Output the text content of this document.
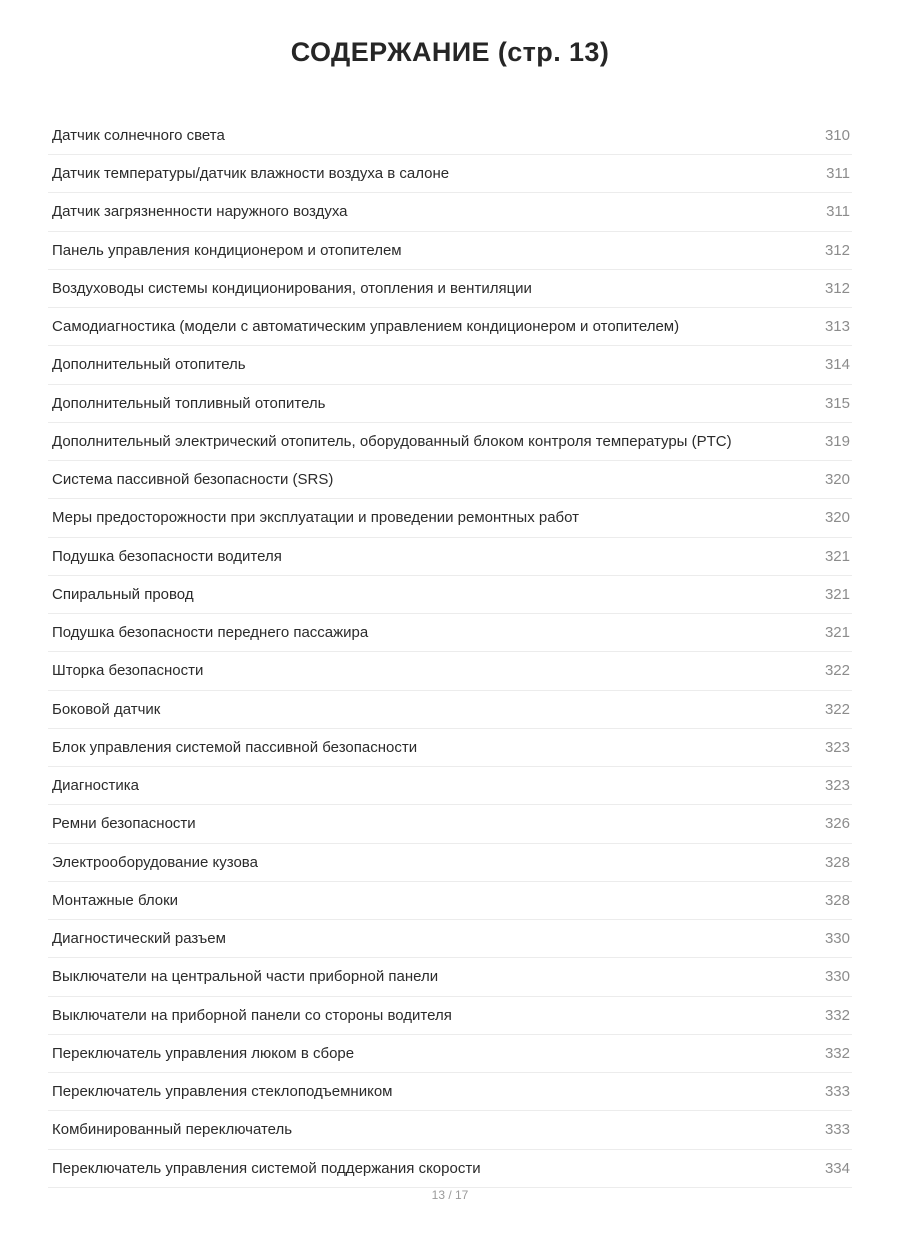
СОДЕРЖАНИЕ (стр. 13)
Датчик солнечного света	310
Датчик температуры/датчик влажности воздуха в салоне	311
Датчик загрязненности наружного воздуха	311
Панель управления кондиционером и отопителем	312
Воздуховоды системы кондиционирования, отопления и вентиляции	312
Самодиагностика (модели с автоматическим управлением кондиционером и отопителем)	313
Дополнительный отопитель	314
Дополнительный топливный отопитель	315
Дополнительный электрический отопитель, оборудованный блоком контроля температуры (PTC)	319
Система пассивной безопасности (SRS)	320
Меры предосторожности при эксплуатации и проведении ремонтных работ	320
Подушка безопасности водителя	321
Спиральный провод	321
Подушка безопасности переднего пассажира	321
Шторка безопасности	322
Боковой датчик	322
Блок управления системой пассивной безопасности	323
Диагностика	323
Ремни безопасности	326
Электрооборудование кузова	328
Монтажные блоки	328
Диагностический разъем	330
Выключатели на центральной части приборной панели	330
Выключатели на приборной панели со стороны водителя	332
Переключатель управления люком в сборе	332
Переключатель управления стеклоподъемником	333
Комбинированный переключатель	333
Переключатель управления системой поддержания скорости	334
13 / 17
